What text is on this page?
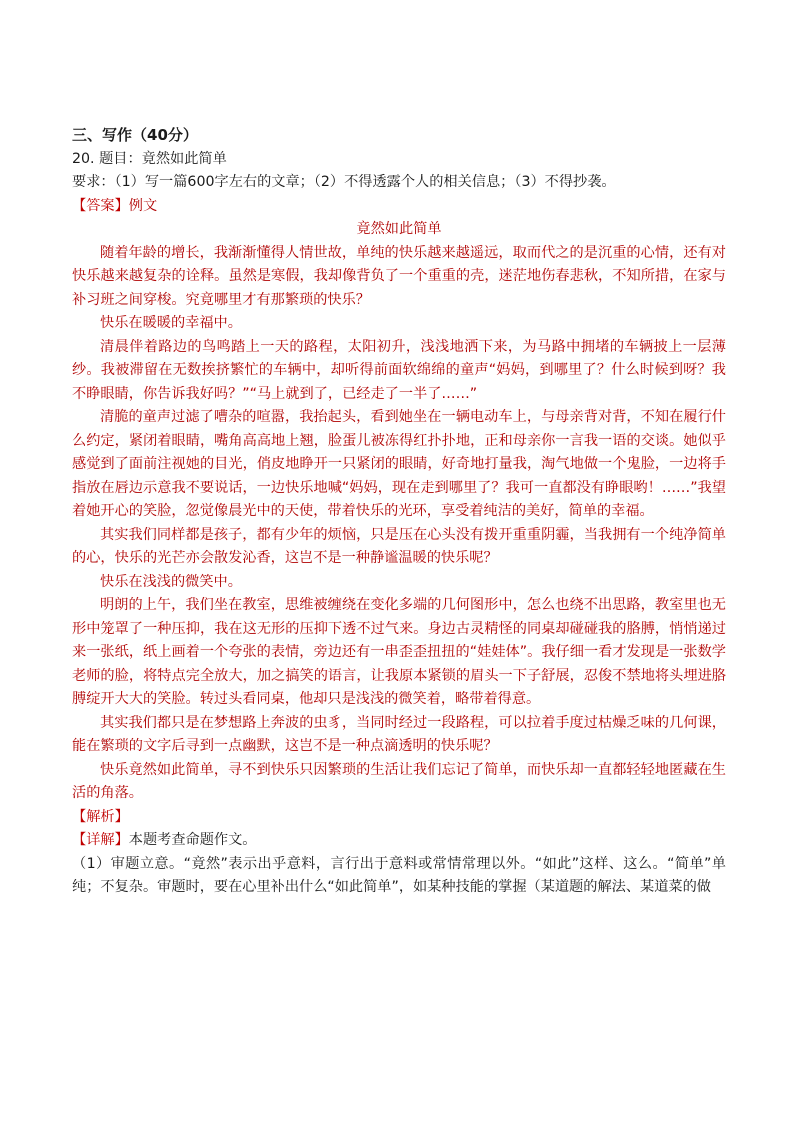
三、写作（40分）
20. 题目：竟然如此简单
要求：（1）写一篇600字左右的文章；（2）不得透露个人的相关信息；（3）不得抄袭。
【答案】例文
竟然如此简单
随着年龄的增长，我渐渐懂得人情世故，单纯的快乐越来越遥远，取而代之的是沉重的心情，还有对快乐越来越复杂的诠释。虽然是寒假，我却像背负了一个重重的壳，迷茫地伤春悲秋，不知所措，在家与补习班之间穿梭。究竟哪里才有那繁琐的快乐？
快乐在暖暖的幸福中。
清晨伴着路边的鸟鸣踏上一天的路程，太阳初升，浅浅地洒下来，为马路中拥堵的车辆披上一层薄纱。我被滞留在无数挨挤繁忙的车辆中，却听得前面软绵绵的童声“妈妈，到哪里了？什么时候到呀？我不睁眼睛，你告诉我好吗？”“马上就到了，已经走了一半了……”
清脆的童声过滤了嘈杂的喧嚣，我抬起头，看到她坐在一辆电动车上，与母亲背对背，不知在履行什么约定，紧闭着眼睛，嘴角高高地上翘，脸蛋儿被冻得红扑扑地，正和母亲你一言我一语的交谈。她似乎感觉到了面前注视她的目光，俏皮地睁开一只紧闭的眼睛，好奇地打量我，淘气地做一个鬼脸，一边将手指放在唇边示意我不要说话，一边快乐地喊“妈妈，现在走到哪里了？我可一直都没有睁眼哟！……”我望着她开心的笑脸，忽觉像晨光中的天使，带着快乐的光环，享受着纯洁的美好，简单的幸福。
其实我们同样都是孩子，都有少年的烦恼，只是压在心头没有拨开重重阴霾，当我拥有一个纯净简单的心，快乐的光芒亦会散发沁香，这岂不是一种静谧温暖的快乐呢？
快乐在浅浅的微笑中。
明朗的上午，我们坐在教室，思维被缠绕在变化多端的几何图形中，怎么也绕不出思路，教室里也无形中笼罩了一种压抑，我在这无形的压抑下透不过气来。身边古灵精怪的同桌却碰碰我的胳膊，悄悄递过来一张纸，纸上画着一个夸张的表情，旁边还有一串歪歪扭扭的“娃娃体”。我仔细一看才发现是一张数学老师的脸，将特点完全放大，加之搞笑的语言，让我原本紧锁的眉头一下子舒展，忍俊不禁地将头埋进胳膊绽开大大的笑脸。转过头看同桌，他却只是浅浅的微笑着，略带着得意。
其实我们都只是在梦想路上奔波的虫豸，当同时经过一段路程，可以拉着手度过枯燥乏味的几何课，能在繁琐的文字后寻到一点幽默，这岂不是一种点滴透明的快乐呢？
快乐竟然如此简单，寻不到快乐只因繁琐的生活让我们忘记了简单，而快乐却一直都轻轻地匿藏在生活的角落。
【解析】
【详解】本题考查命题作文。
（1）审题立意。“竟然”表示出乎意料，言行出于意料或常情常理以外。“如此”这样、这么。“简单”单纯；不复杂。审题时，要在心里补出什么“如此简单”，如某种技能的掌握（某道题的解法、某道菜的做
